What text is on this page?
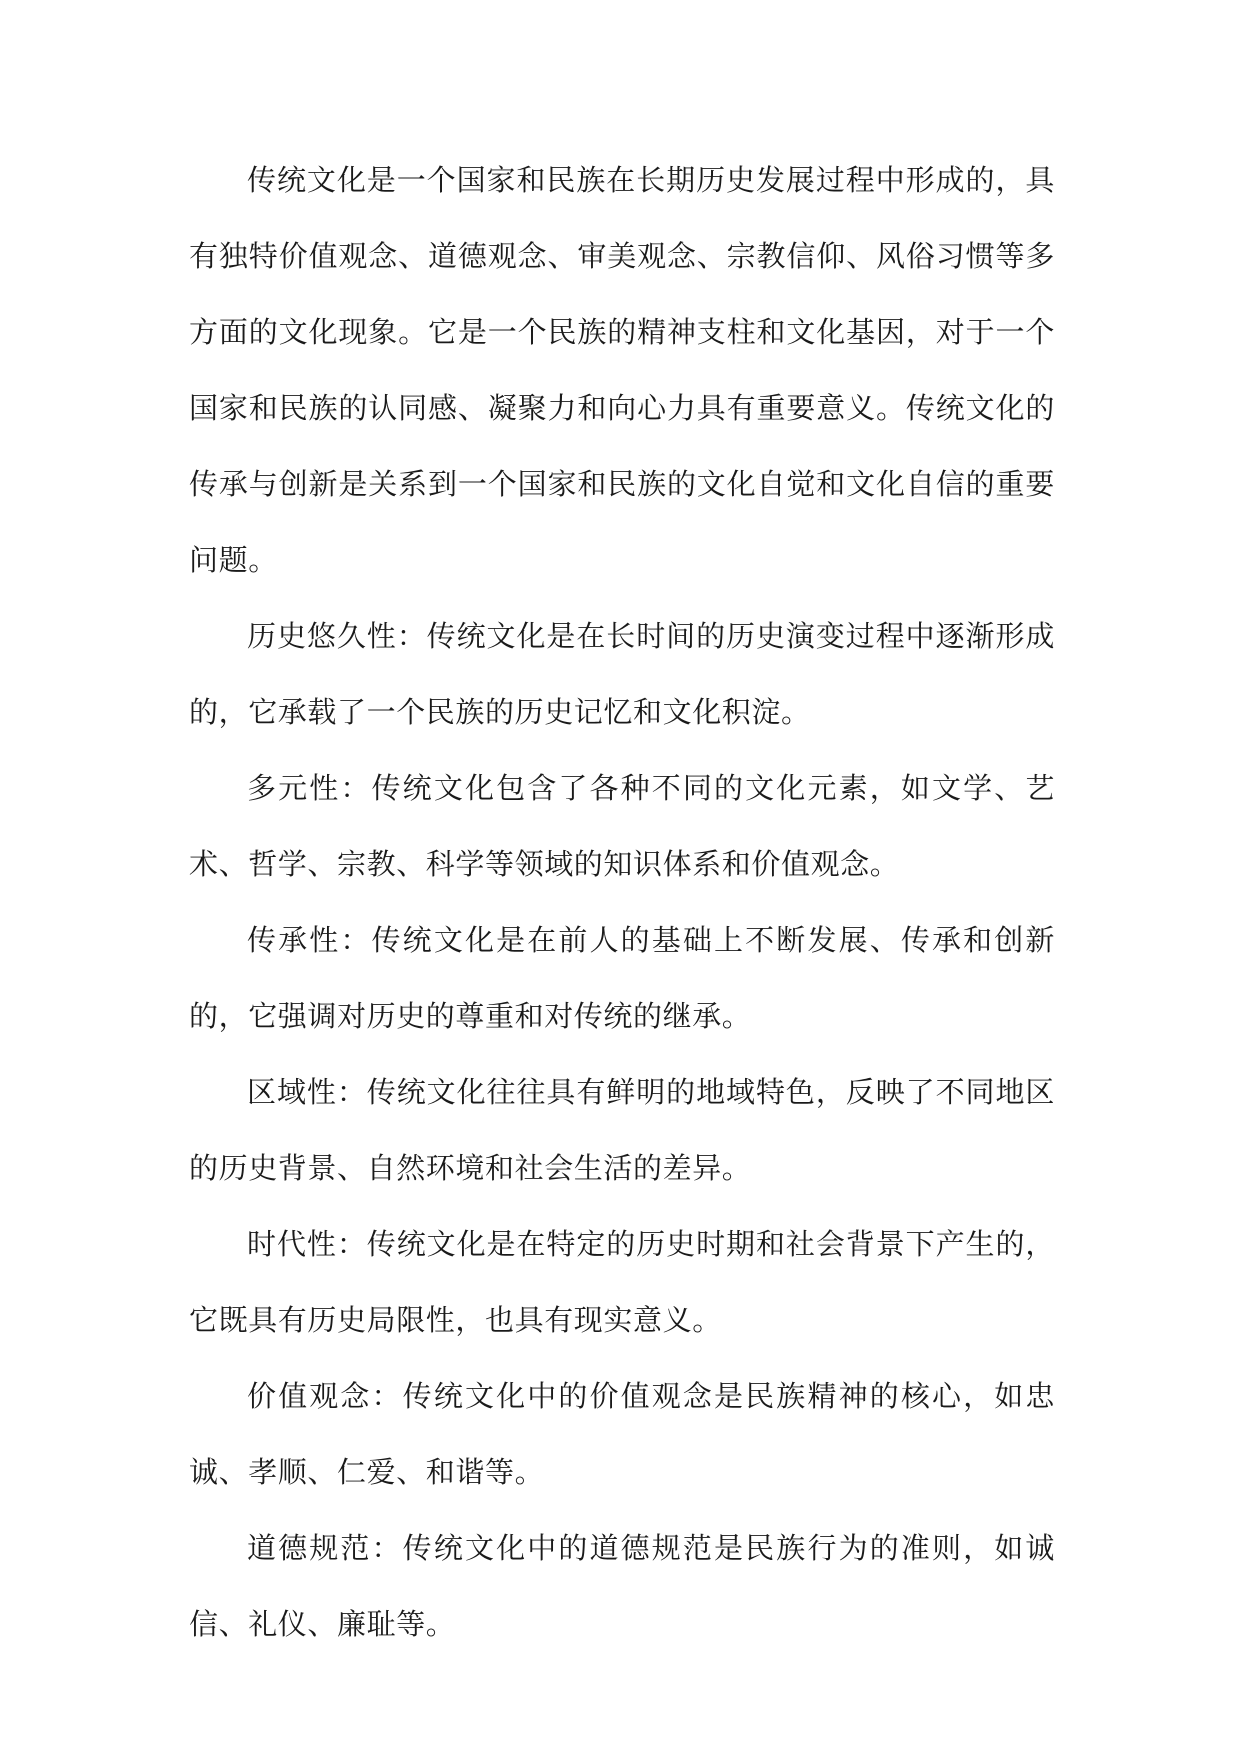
传统文化是一个国家和民族在长期历史发展过程中形成的，具有独特价值观念、道德观念、审美观念、宗教信仰、风俗习惯等多方面的文化现象。它是一个民族的精神支柱和文化基因，对于一个国家和民族的认同感、凝聚力和向心力具有重要意义。传统文化的传承与创新是关系到一个国家和民族的文化自觉和文化自信的重要问题。

历史悠久性：传统文化是在长时间的历史演变过程中逐渐形成的，它承载了一个民族的历史记忆和文化积淀。

多元性：传统文化包含了各种不同的文化元素，如文学、艺术、哲学、宗教、科学等领域的知识体系和价值观念。

传承性：传统文化是在前人的基础上不断发展、传承和创新的，它强调对历史的尊重和对传统的继承。

区域性：传统文化往往具有鲜明的地域特色，反映了不同地区的历史背景、自然环境和社会生活的差异。

时代性：传统文化是在特定的历史时期和社会背景下产生的，它既具有历史局限性，也具有现实意义。

价值观念：传统文化中的价值观念是民族精神的核心，如忠诚、孝顺、仁爱、和谐等。

道德规范：传统文化中的道德规范是民族行为的准则，如诚信、礼仪、廉耻等。
